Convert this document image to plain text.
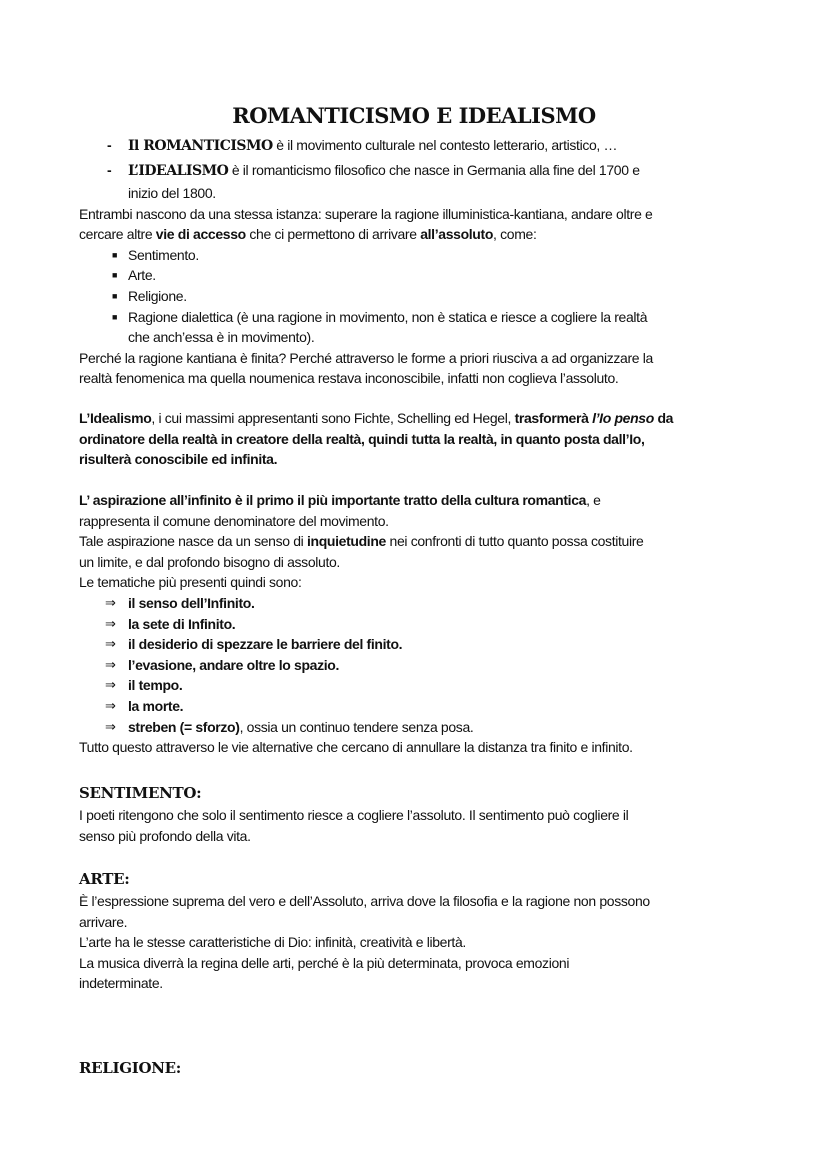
ROMANTICISMO E IDEALISMO
- Il ROMANTICISMO è il movimento culturale nel contesto letterario, artistico, …
- L’IDEALISMO è il romanticismo filosofico che nasce in Germania alla fine del 1700 e
inizio del 1800.
Entrambi nascono da una stessa istanza: superare la ragione illuministica-kantiana, andare oltre e
cercare altre vie di accesso che ci permettono di arrivare all’assoluto, come:
■ Sentimento.
■ Arte.
■ Religione.
■ Ragione dialettica (è una ragione in movimento, non è statica e riesce a cogliere la realtà
che anch’essa è in movimento).
Perché la ragione kantiana è finita? Perché attraverso le forme a priori riusciva a ad organizzare la
realtà fenomenica ma quella noumenica restava inconoscibile, infatti non coglieva l’assoluto.
L’Idealismo, i cui massimi appresentanti sono Fichte, Schelling ed Hegel, trasformerà l’Io penso da
ordinatore della realtà in creatore della realtà, quindi tutta la realtà, in quanto posta dall’Io,
risulterà conoscibile ed infinita.
L’ aspirazione all’infinito è il primo il più importante tratto della cultura romantica, e
rappresenta il comune denominatore del movimento.
Tale aspirazione nasce da un senso di inquietudine nei confronti di tutto quanto possa costituire
un limite, e dal profondo bisogno di assoluto.
Le tematiche più presenti quindi sono:
⇒ il senso dell’Infinito.
⇒ la sete di Infinito.
⇒ il desiderio di spezzare le barriere del finito.
⇒ l’evasione, andare oltre lo spazio.
⇒ il tempo.
⇒ la morte.
⇒ streben (= sforzo), ossia un continuo tendere senza posa.
Tutto questo attraverso le vie alternative che cercano di annullare la distanza tra finito e infinito.
SENTIMENTO:
I poeti ritengono che solo il sentimento riesce a cogliere l’assoluto. Il sentimento può cogliere il
senso più profondo della vita.
ARTE:
È l’espressione suprema del vero e dell’Assoluto, arriva dove la filosofia e la ragione non possono
arrivare.
L’arte ha le stesse caratteristiche di Dio: infinità, creatività e libertà.
La musica diverrà la regina delle arti, perché è la più determinata, provoca emozioni
indeterminate.
RELIGIONE:
